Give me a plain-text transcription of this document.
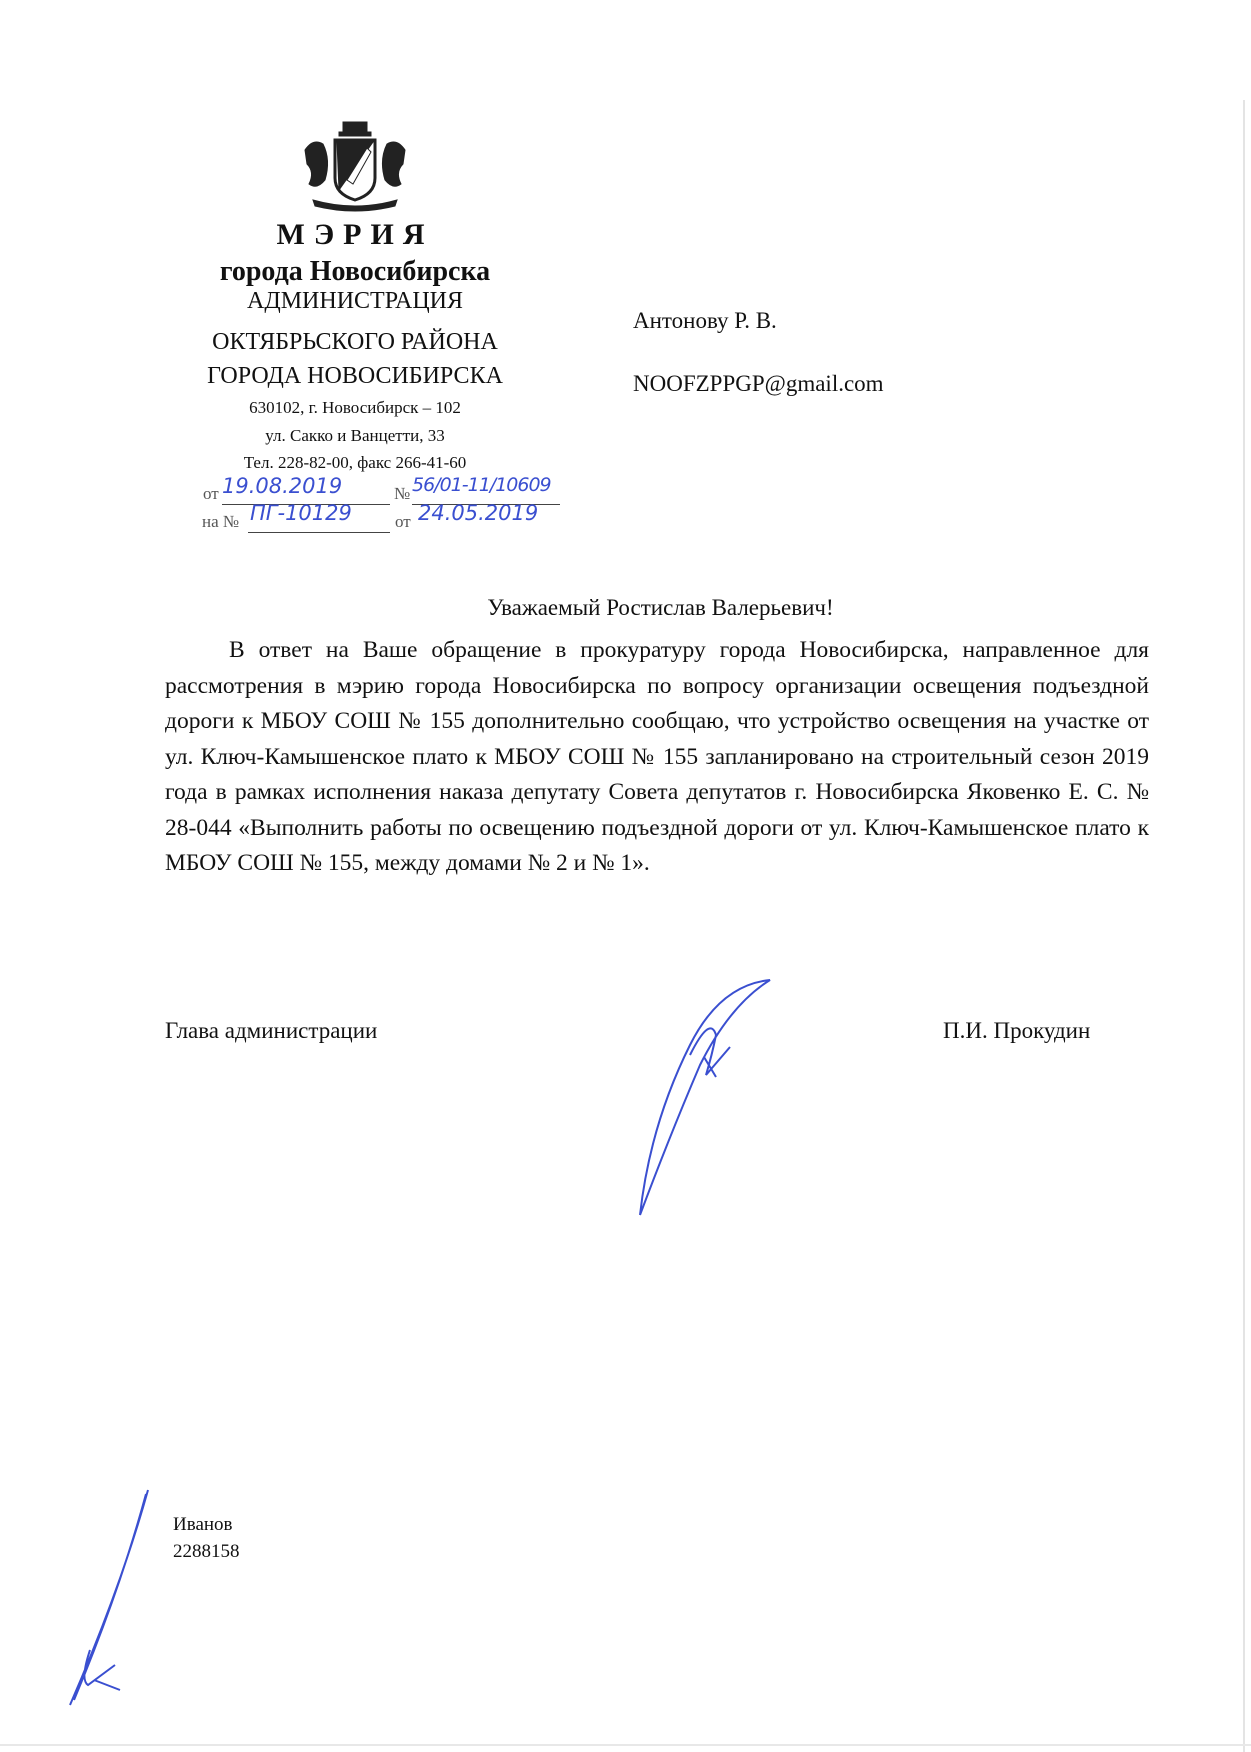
МЭРИЯ
города Новосибирска
АДМИНИСТРАЦИЯ
ОКТЯБРЬСКОГО РАЙОНА
ГОРОДА НОВОСИБИРСКА
630102, г. Новосибирск – 102
ул. Сакко и Ванцетти, 33
Тел. 228-82-00, факс 266-41-60
от 19.08.2019	№ 56/01-11/10609
на № ПГ-10129	от 24.05.2019
Антонову Р. В.
NOOFZPPGP@gmail.com
Уважаемый Ростислав Валерьевич!
В ответ на Ваше обращение в прокуратуру города Новосибирска, направленное для рассмотрения в мэрию города Новосибирска по вопросу организации освещения подъездной дороги к МБОУ СОШ № 155 дополнительно сообщаю, что устройство освещения на участке от ул. Ключ-Камышенское плато к МБОУ СОШ № 155 запланировано на строительный сезон 2019 года в рамках исполнения наказа депутату Совета депутатов г. Новосибирска Яковенко Е. С. № 28-044 «Выполнить работы по освещению подъездной дороги от ул. Ключ-Камышенское плато к МБОУ СОШ № 155, между домами № 2 и № 1».
Глава администрации	П.И. Прокудин
Иванов
2288158
